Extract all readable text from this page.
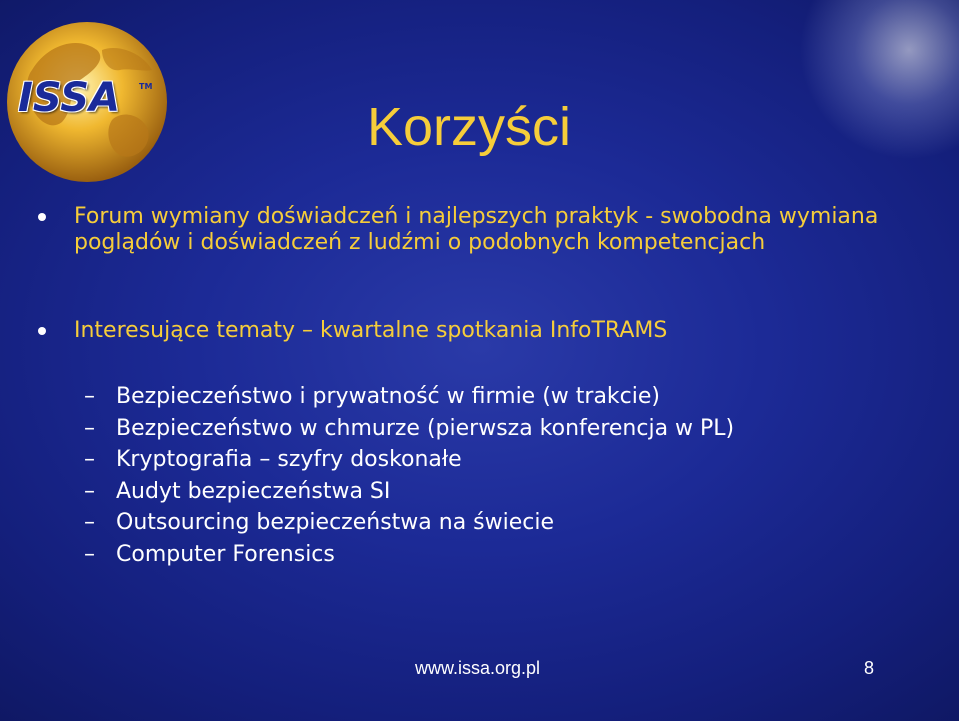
ISSA TM
Korzyści
Forum wymiany doświadczeń i najlepszych praktyk - swobodna wymiana poglądów i doświadczeń z ludźmi o podobnych kompetencjach
Interesujące tematy – kwartalne spotkania InfoTRAMS
– Bezpieczeństwo i prywatność w firmie (w trakcie)
– Bezpieczeństwo w chmurze (pierwsza konferencja w PL)
– Kryptografia – szyfry doskonałe
– Audyt bezpieczeństwa SI
– Outsourcing bezpieczeństwa na świecie
– Computer Forensics
www.issa.org.pl	8
